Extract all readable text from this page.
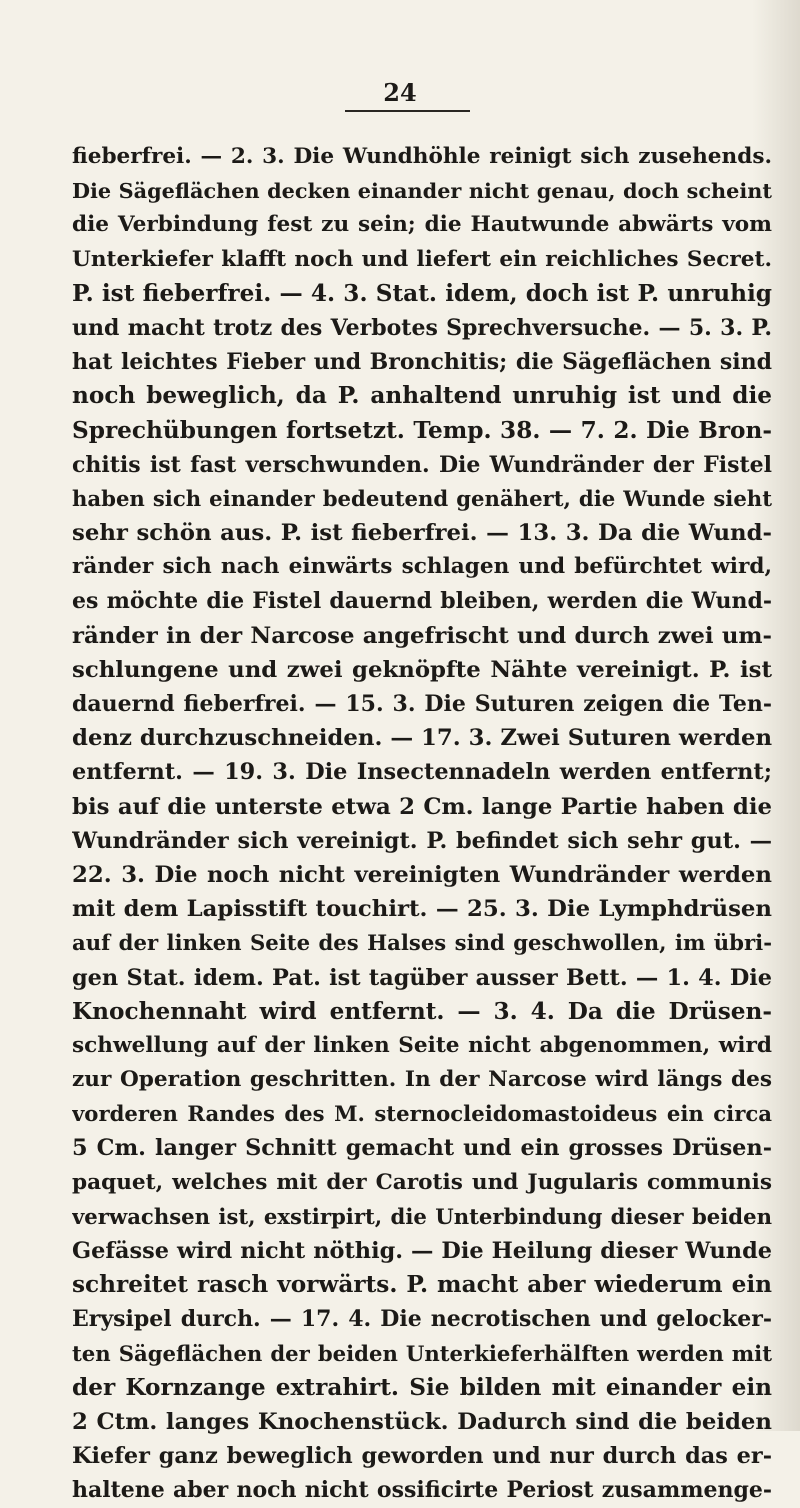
24
fieberfrei. — 2. 3. Die Wundhöhle reinigt sich zusehends.
Die Sägeflächen decken einander nicht genau, doch scheint
die Verbindung fest zu sein; die Hautwunde abwärts vom
Unterkiefer klafft noch und liefert ein reichliches Secret.
P. ist fieberfrei. — 4. 3. Stat. idem, doch ist P. unruhig
und macht trotz des Verbotes Sprechversuche. — 5. 3. P.
hat leichtes Fieber und Bronchitis; die Sägeflächen sind
noch beweglich, da P. anhaltend unruhig ist und die
Sprechübungen fortsetzt. Temp. 38. — 7. 2. Die Bron-
chitis ist fast verschwunden. Die Wundränder der Fistel
haben sich einander bedeutend genähert, die Wunde sieht
sehr schön aus. P. ist fieberfrei. — 13. 3. Da die Wund-
ränder sich nach einwärts schlagen und befürchtet wird,
es möchte die Fistel dauernd bleiben, werden die Wund-
ränder in der Narcose angefrischt und durch zwei um-
schlungene und zwei geknöpfte Nähte vereinigt. P. ist
dauernd fieberfrei. — 15. 3. Die Suturen zeigen die Ten-
denz durchzuschneiden. — 17. 3. Zwei Suturen werden
entfernt. — 19. 3. Die Insectennadeln werden entfernt;
bis auf die unterste etwa 2 Cm. lange Partie haben die
Wundränder sich vereinigt. P. befindet sich sehr gut. —
22. 3. Die noch nicht vereinigten Wundränder werden
mit dem Lapisstift touchirt. — 25. 3. Die Lymphdrüsen
auf der linken Seite des Halses sind geschwollen, im übri-
gen Stat. idem. Pat. ist tagüber ausser Bett. — 1. 4. Die
Knochennaht wird entfernt. — 3. 4. Da die Drüsen-
schwellung auf der linken Seite nicht abgenommen, wird
zur Operation geschritten. In der Narcose wird längs des
vorderen Randes des M. sternocleidomastoideus ein circa
5 Cm. langer Schnitt gemacht und ein grosses Drüsen-
paquet, welches mit der Carotis und Jugularis communis
verwachsen ist, exstirpirt, die Unterbindung dieser beiden
Gefässe wird nicht nöthig. — Die Heilung dieser Wunde
schreitet rasch vorwärts. P. macht aber wiederum ein
Erysipel durch. — 17. 4. Die necrotischen und gelocker-
ten Sägeflächen der beiden Unterkieferhälften werden mit
der Kornzange extrahirt. Sie bilden mit einander ein
2 Ctm. langes Knochenstück. Dadurch sind die beiden
Kiefer ganz beweglich geworden und nur durch das er-
haltene aber noch nicht ossificirte Periost zusammenge-
